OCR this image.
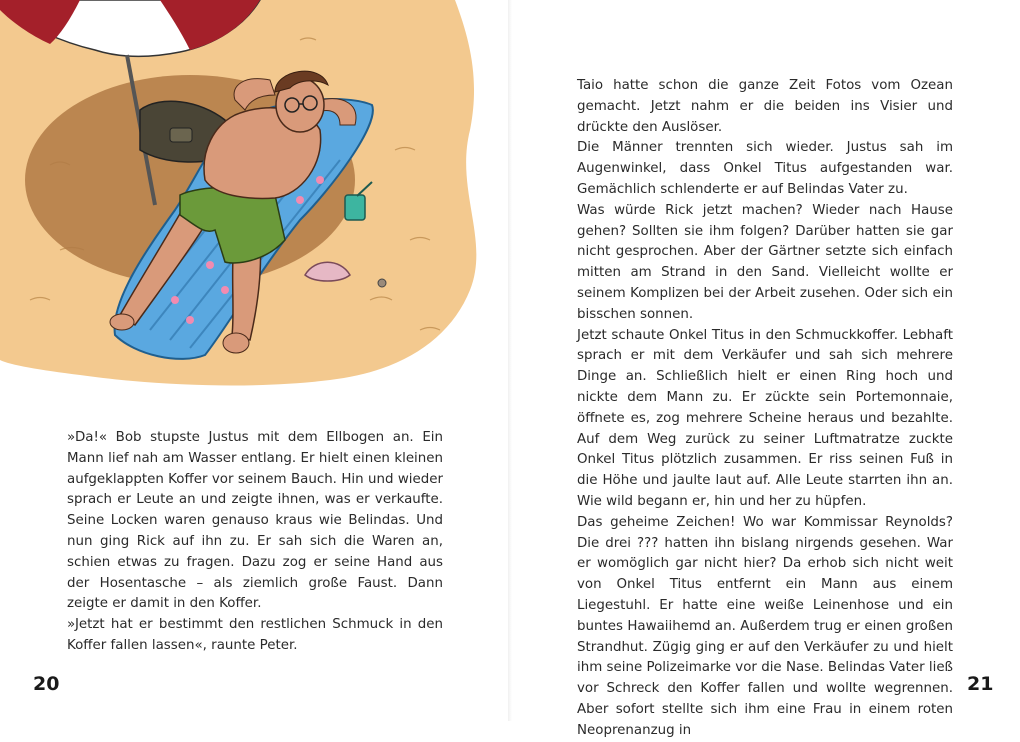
»Da!« Bob stupste Justus mit dem Ellbogen an. Ein Mann lief nah am Wasser entlang. Er hielt einen kleinen aufgeklappten Koffer vor seinem Bauch. Hin und wieder sprach er Leute an und zeigte ihnen, was er verkaufte. Seine Locken waren genauso kraus wie Belindas. Und nun ging Rick auf ihn zu. Er sah sich die Waren an, schien etwas zu fragen. Dazu zog er seine Hand aus der Hosentasche – als ziemlich große Faust. Dann zeigte er damit in den Koffer.

»Jetzt hat er bestimmt den restlichen Schmuck in den Koffer fallen lassen«, raunte Peter.

Taio hatte schon die ganze Zeit Fotos vom Ozean gemacht. Jetzt nahm er die beiden ins Visier und drückte den Auslöser.

Die Männer trennten sich wieder. Justus sah im Augenwinkel, dass Onkel Titus aufgestanden war. Gemächlich schlenderte er auf Belindas Vater zu.

Was würde Rick jetzt machen? Wieder nach Hause gehen? Sollten sie ihm folgen? Darüber hatten sie gar nicht gesprochen. Aber der Gärtner setzte sich einfach mitten am Strand in den Sand. Vielleicht wollte er seinem Komplizen bei der Arbeit zusehen. Oder sich ein bisschen sonnen.

Jetzt schaute Onkel Titus in den Schmuckkoffer. Lebhaft sprach er mit dem Verkäufer und sah sich mehrere Dinge an. Schließlich hielt er einen Ring hoch und nickte dem Mann zu. Er zückte sein Portemonnaie, öffnete es, zog mehrere Scheine heraus und bezahlte. Auf dem Weg zurück zu seiner Luftmatratze zuckte Onkel Titus plötzlich zusammen. Er riss seinen Fuß in die Höhe und jaulte laut auf. Alle Leute starrten ihn an. Wie wild begann er, hin und her zu hüpfen.

Das geheime Zeichen! Wo war Kommissar Reynolds? Die drei ??? hatten ihn bislang nirgends gesehen. War er womöglich gar nicht hier? Da erhob sich nicht weit von Onkel Titus entfernt ein Mann aus einem Liegestuhl. Er hatte eine weiße Leinenhose und ein buntes Hawaiihemd an. Außerdem trug er einen großen Strandhut. Zügig ging er auf den Verkäufer zu und hielt ihm seine Polizeimarke vor die Nase. Belindas Vater ließ vor Schreck den Koffer fallen und wollte wegrennen. Aber sofort stellte sich ihm eine Frau in einem roten Neoprenanzug in

20	21
